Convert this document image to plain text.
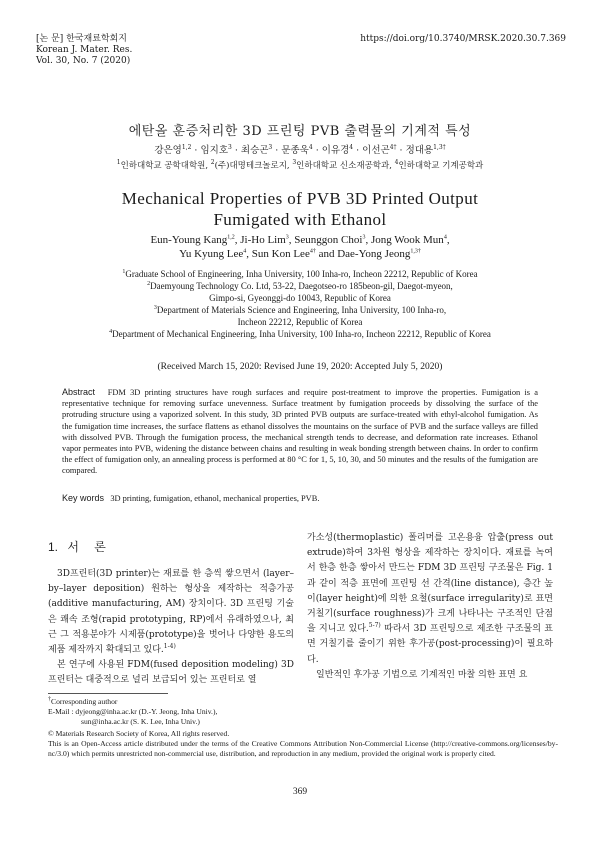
[논 문] 한국재료학회지
Korean J. Mater. Res.
Vol. 30, No. 7 (2020)
https://doi.org/10.3740/MRSK.2020.30.7.369
에탄올 훈증처리한 3D 프린팅 PVB 출력물의 기계적 특성
강은영$^{1,2}$ · 임지호$^3$ · 최승곤$^3$ · 문종욱$^4$ · 이유경$^4$ · 이선곤$^{4\dagger}$ · 정대용$^{1,3\dagger}$
$^1$인하대학교 공학대학원, $^2$(주)대명테크놀로지, $^3$인하대학교 신소재공학과, $^4$인하대학교 기계공학과
Mechanical Properties of PVB 3D Printed Output
Fumigated with Ethanol
Eun-Young Kang$^{1,2}$, Ji-Ho Lim$^3$, Seunggon Choi$^3$, Jong Wook Mun$^4$,
Yu Kyung Lee$^4$, Sun Kon Lee$^{4\dagger}$ and Dae-Yong Jeong$^{1,3\dagger}$
$^1$Graduate School of Engineering, Inha University, 100 Inha-ro, Incheon 22212, Republic of Korea
$^2$Daemyoung Technology Co. Ltd, 53-22, Daegotseo-ro 185beon-gil, Daegot-myeon,
Gimpo-si, Gyeonggi-do 10043, Republic of Korea
$^3$Department of Materials Science and Engineering, Inha University, 100 Inha-ro,
Incheon 22212, Republic of Korea
$^4$Department of Mechanical Engineering, Inha University, 100 Inha-ro, Incheon 22212, Republic of Korea
(Received March 15, 2020: Revised June 19, 2020: Accepted July 5, 2020)
Abstract FDM 3D printing structures have rough surfaces and require post-treatment to improve the properties. Fumigation is a representative technique for removing surface unevenness. Surface treatment by fumigation proceeds by dissolving the surface of the protruding structure using a vaporized solvent. In this study, 3D printed PVB outputs are surface-treated with ethyl-alcohol fumigation. As the fumigation time increases, the surface flattens as ethanol dissolves the mountains on the surface of PVB and the surface valleys are filled with dissolved PVB. Through the fumigation process, the mechanical strength tends to decrease, and deformation rate increases. Ethanol vapor permeates into PVB, widening the distance between chains and resulting in weak bonding strength between chains. In order to confirm the effect of fumigation only, an annealing process is performed at 80 °C for 1, 5, 10, 30, and 50 minutes and the results of the fumigation are compared.
Key words 3D printing, fumigation, ethanol, mechanical properties, PVB.
1. 서 론

3D프린터(3D printer)는 재료를 한 층씩 쌓으면서 (layer–by–layer deposition) 원하는 형상을 제작하는 적층가공(additive manufacturing, AM) 장치이다. 3D 프린팅 기술은 쾌속 조형(rapid prototyping, RP)에서 유래하였으나, 최근 그 적용분야가 시제품(prototype)을 벗어나 다양한 용도의 제품 제작까지 확대되고 있다.$^{1-4)}$

본 연구에 사용된 FDM(fused deposition modeling) 3D프린터는 대중적으로 널리 보급되어 있는 프린터로 열

가소성(thermoplastic) 폴리머를 고온용융 압출(press out extrude)하여 3차원 형상을 제작하는 장치이다. 재료를 녹여서 한층 한층 쌓아서 만드는 FDM 3D 프린팅 구조물은 Fig. 1과 같이 적층 표면에 프린팅 선 간격(line distance), 층간 높이(layer height)에 의한 요철(surface irregularity)로 표면 거칠기(surface roughness)가 크게 나타나는 구조적인 단점을 지니고 있다.$^{5-7)}$ 따라서 3D 프린팅으로 제조한 구조물의 표면 거칠기를 줄이기 위한 후가공(post-processing)이 필요하다.

일반적인 후가공 기법으로 기계적인 마찰 의한 표면 요

†Corresponding author
E-Mail : dyjeong@inha.ac.kr (D.-Y. Jeong, Inha Univ.),
sun@inha.ac.kr (S. K. Lee, Inha Univ.)
© Materials Research Society of Korea, All rights reserved.
This is an Open-Access article distributed under the terms of the Creative Commons Attribution Non-Commercial License (http://creative-commons.org/licenses/by-nc/3.0) which permits unrestricted non-commercial use, distribution, and reproduction in any medium, provided the original work is properly cited.
369
